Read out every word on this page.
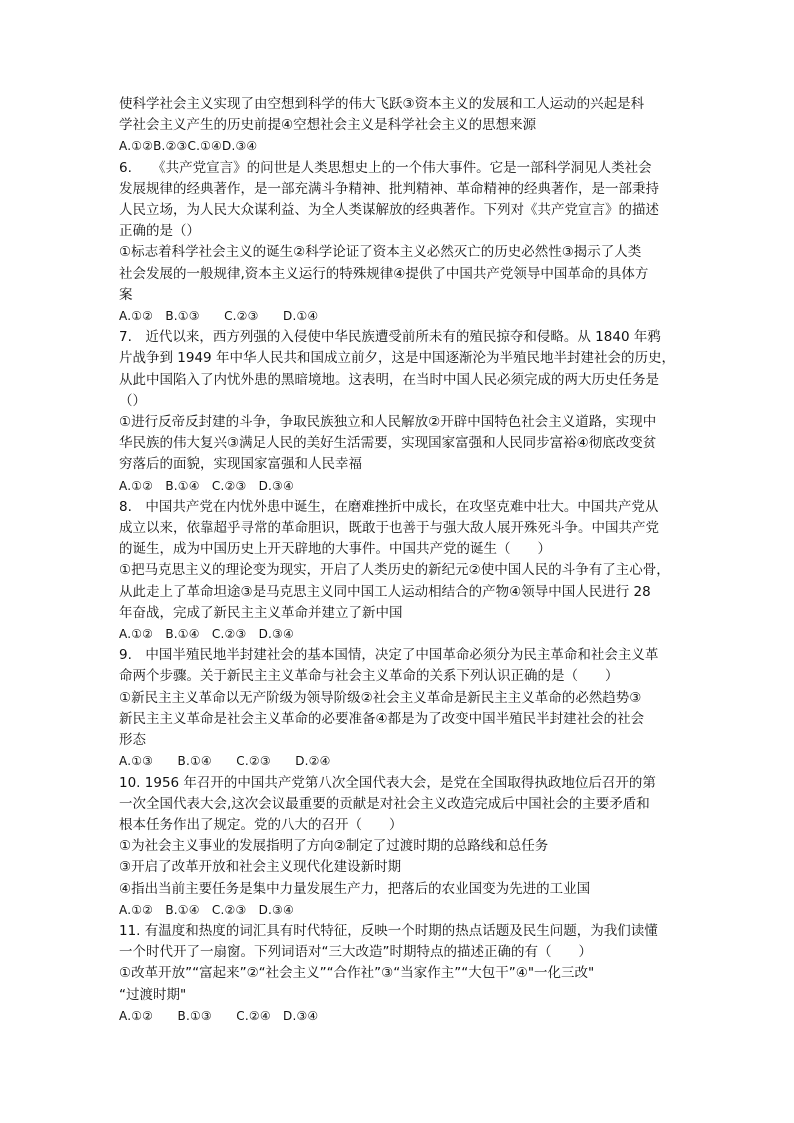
使科学社会主义实现了由空想到科学的伟大飞跃③资本主义的发展和工人运动的兴起是科
学社会主义产生的历史前提④空想社会主义是科学社会主义的思想来源
A.①②B.②③C.①④D.③④
6.　　《共产党宣言》的问世是人类思想史上的一个伟大事件。它是一部科学洞见人类社会
发展规律的经典著作，是一部充满斗争精神、批判精神、革命精神的经典著作，是一部秉持
人民立场，为人民大众谋利益、为全人类谋解放的经典著作。下列对《共产党宣言》的描述
正确的是（）
①标志着科学社会主义的诞生②科学论证了资本主义必然灭亡的历史必然性③揭示了人类
社会发展的一般规律,资本主义运行的特殊规律④提供了中国共产党领导中国革命的具体方
案
A.①②　B.①③　　C.②③　　D.①④
7.　近代以来，西方列强的入侵使中华民族遭受前所未有的殖民掠夺和侵略。从 1840 年鸦
片战争到 1949 年中华人民共和国成立前夕，这是中国逐渐沦为半殖民地半封建社会的历史，
从此中国陷入了内忧外患的黑暗境地。这表明，在当时中国人民必须完成的两大历史任务是
（）
①进行反帝反封建的斗争，争取民族独立和人民解放②开辟中国特色社会主义道路，实现中
华民族的伟大复兴③满足人民的美好生活需要，实现国家富强和人民同步富裕④彻底改变贫
穷落后的面貌，实现国家富强和人民幸福
A.①②　B.①④　C.②③　D.③④
8.　中国共产党在内忧外患中诞生，在磨难挫折中成长，在攻坚克难中壮大。中国共产党从
成立以来，依靠超乎寻常的革命胆识，既敢于也善于与强大敌人展开殊死斗争。中国共产党
的诞生，成为中国历史上开天辟地的大事件。中国共产党的诞生（　　）
①把马克思主义的理论变为现实，开启了人类历史的新纪元②使中国人民的斗争有了主心骨，
从此走上了革命坦途③是马克思主义同中国工人运动相结合的产物④领导中国人民进行 28
年奋战，完成了新民主主义革命并建立了新中国
A.①②　B.①④　C.②③　D.③④
9.　中国半殖民地半封建社会的基本国情，决定了中国革命必须分为民主革命和社会主义革
命两个步骤。关于新民主主义革命与社会主义革命的关系下列认识正确的是（　　）
①新民主主义革命以无产阶级为领导阶级②社会主义革命是新民主主义革命的必然趋势③
新民主主义革命是社会主义革命的必要准备④都是为了改变中国半殖民半封建社会的社会
形态
A.①③　　B.①④　　C.②③　　D.②④
10. 1956 年召开的中国共产党第八次全国代表大会，是党在全国取得执政地位后召开的第
一次全国代表大会,这次会议最重要的贡献是对社会主义改造完成后中国社会的主要矛盾和
根本任务作出了规定。党的八大的召开（　　）
①为社会主义事业的发展指明了方向②制定了过渡时期的总路线和总任务
③开启了改革开放和社会主义现代化建设新时期
④指出当前主要任务是集中力量发展生产力，把落后的农业国变为先进的工业国
A.①②　B.①④　C.②③　D.③④
11. 有温度和热度的词汇具有时代特征，反映一个时期的热点话题及民生问题，为我们读懂
一个时代开了一扇窗。下列词语对“三大改造”时期特点的描述正确的有（　　）
①改革开放”“富起来”②“社会主义”“合作社”③“当家作主”“大包干”④"一化三改"
“过渡时期"
A.①②　　B.①③　　C.②④　D.③④
